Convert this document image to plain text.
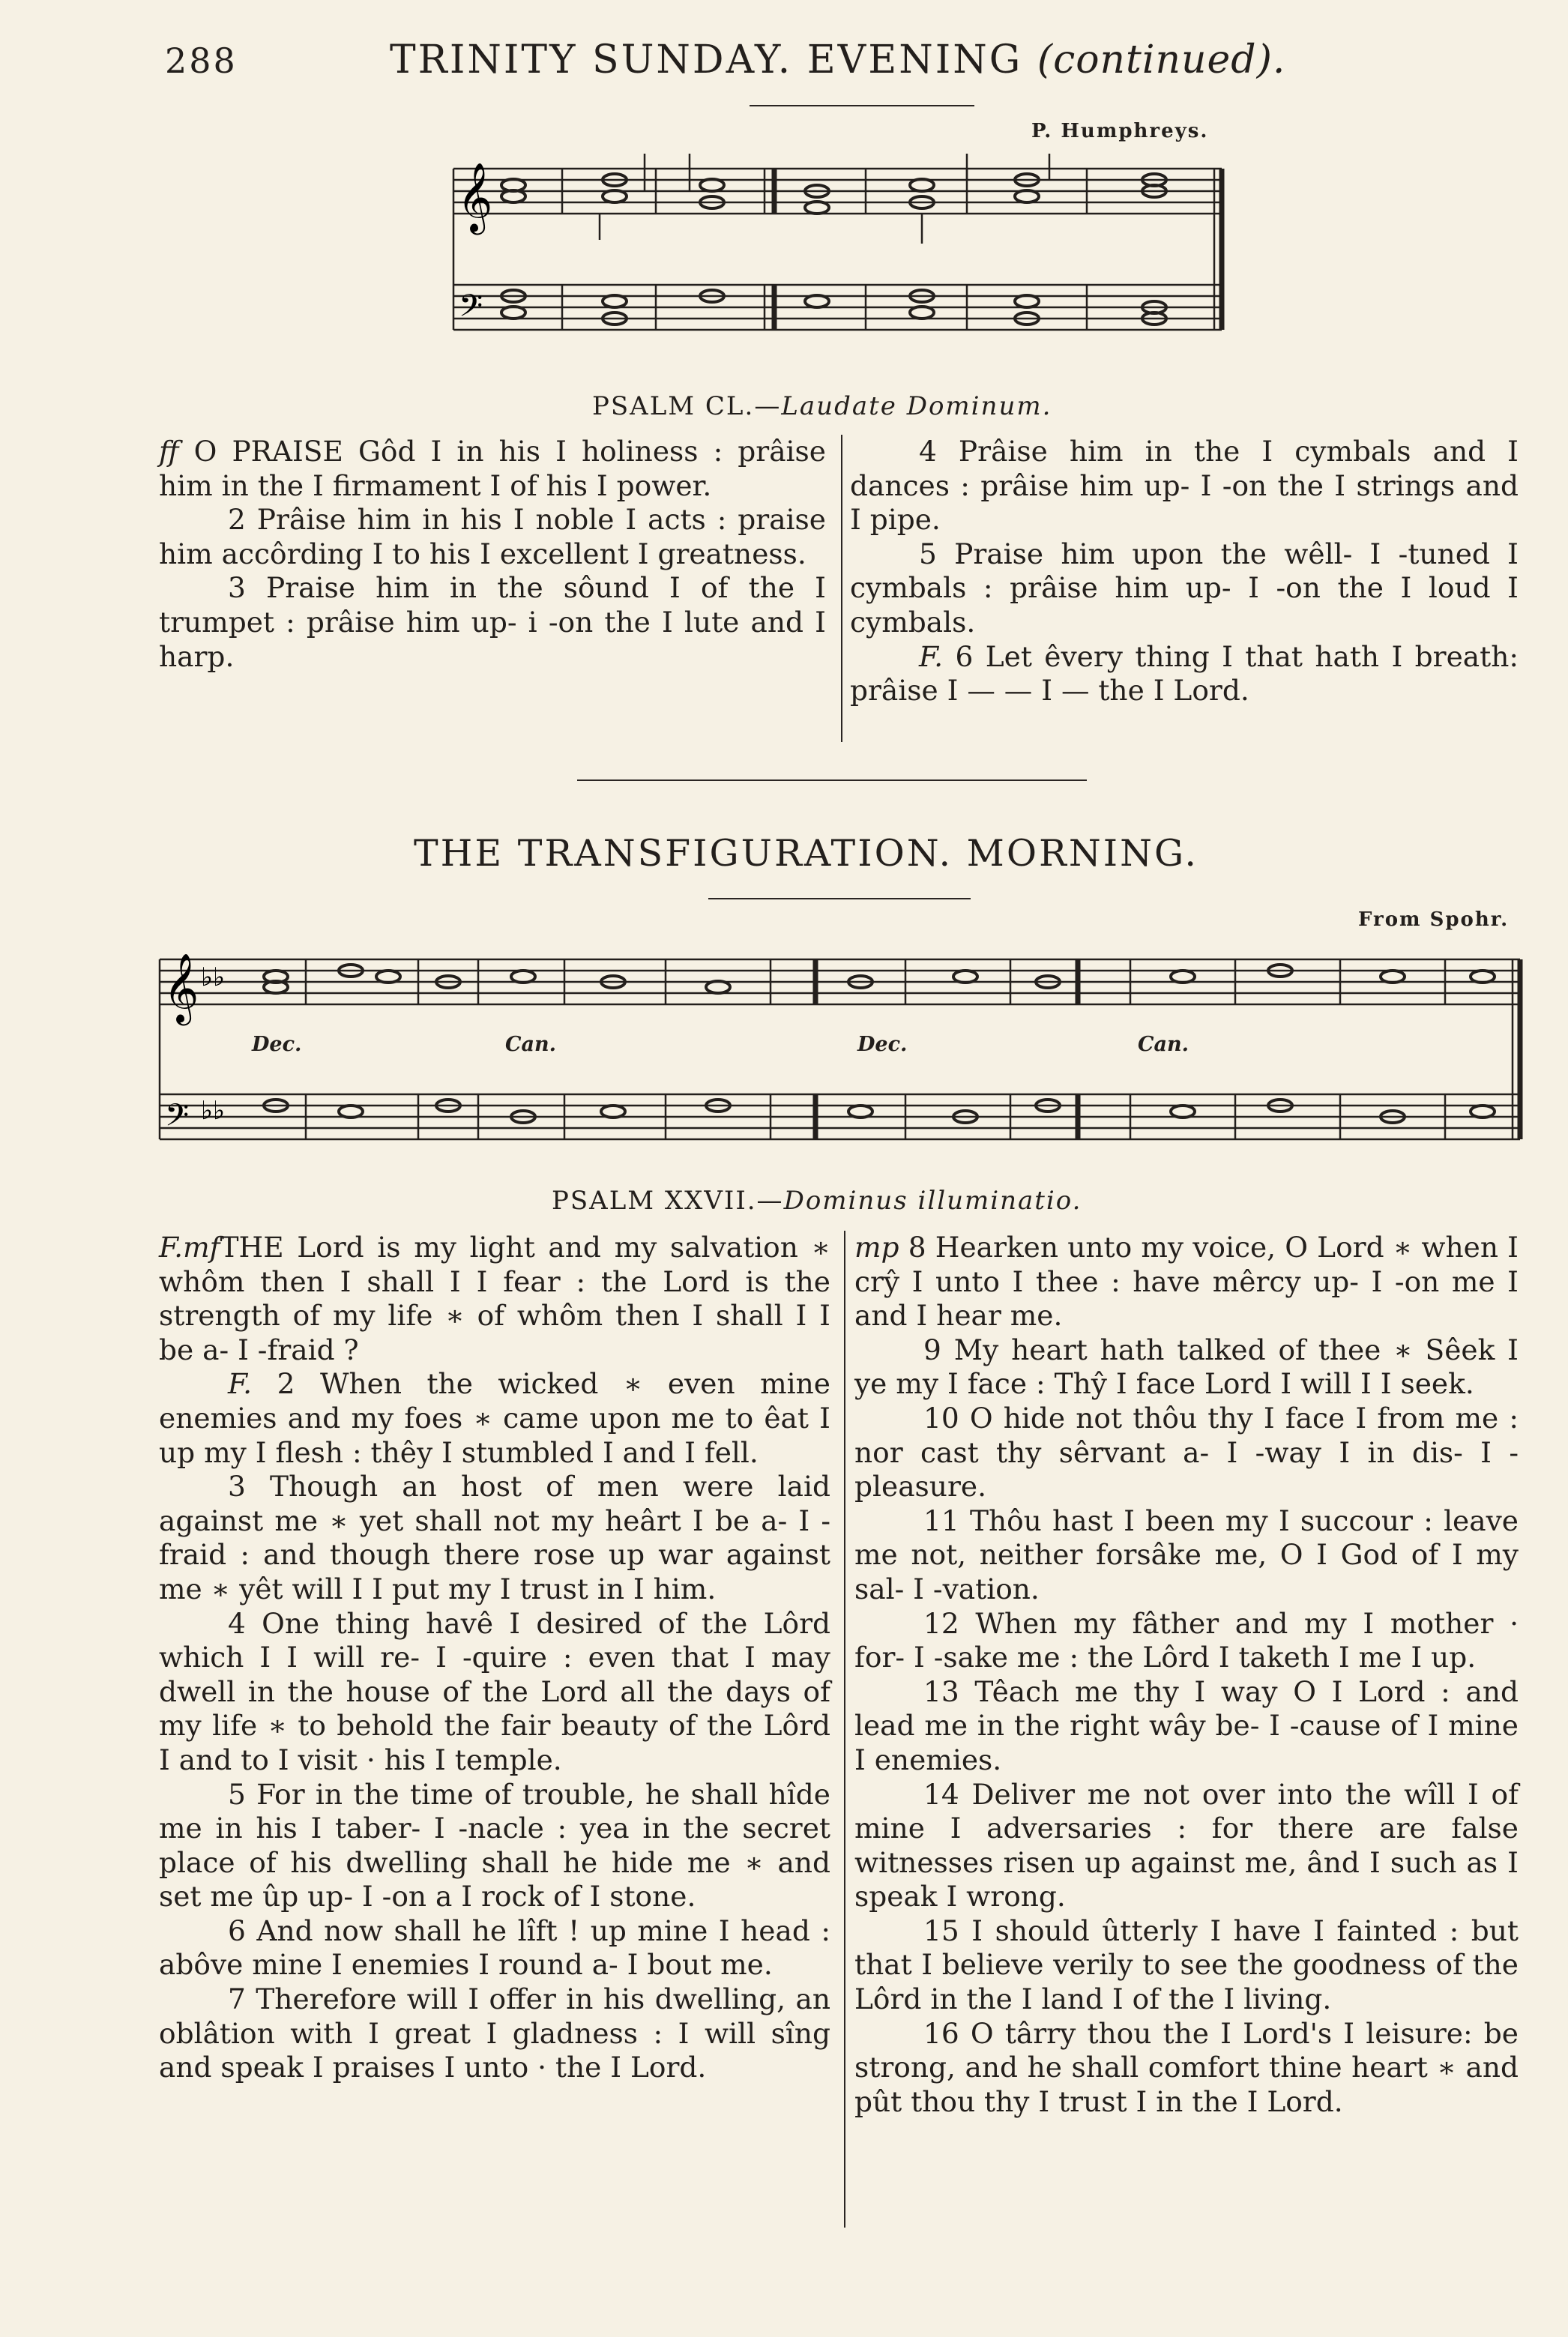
288	TRINITY SUNDAY. EVENING (continued).
P. Humphreys.
𝄞
𝄢
PSALM CL.—Laudate Dominum.

ff O PRAISE Gôd I in his I holiness : prâise him in the I firmament I of his I power.

2 Prâise him in his I noble I acts : praise him accôrding I to his I excellent I greatness.

3 Praise him in the sôund I of the I trumpet : prâise him up- i -on the I lute and I harp.

4 Prâise him in the I cymbals and I dances : prâise him up- I -on the I strings and I pipe.

5 Praise him upon the wêll- I -tuned I cymbals : prâise him up- I -on the I loud I cymbals.

F. 6 Let êvery thing I that hath I breath: prâise I — — I — the I Lord.

THE TRANSFIGURATION. MORNING.
From Spohr.
𝄞 ♭♭
𝄢 ♭♭
Dec.	Can.	Dec.	Can.
PSALM XXVII.—Dominus illuminatio.

F.mfTHE Lord is my light and my salvation ∗ whôm then I shall I I fear : the Lord is the strength of my life ∗ of whôm then I shall I I be a- I -fraid ?

F. 2 When the wicked ∗ even mine enemies and my foes ∗ came upon me to êat I up my I flesh : thêy I stumbled I and I fell.

3 Though an host of men were laid against me ∗ yet shall not my heârt I be a- I -fraid : and though there rose up war against me ∗ yêt will I I put my I trust in I him.

4 One thing havê I desired of the Lôrd which I I will re- I -quire : even that I may dwell in the house of the Lord all the days of my life ∗ to behold the fair beauty of the Lôrd I and to I visit · his I temple.

5 For in the time of trouble, he shall hîde me in his I taber- I -nacle : yea in the secret place of his dwelling shall he hide me ∗ and set me ûp up- I -on a I rock of I stone.

6 And now shall he lîft ! up mine I head : abôve mine I enemies I round a- I bout me.

7 Therefore will I offer in his dwelling, an oblâtion with I great I gladness : I will sîng and speak I praises I unto · the I Lord.

mp 8 Hearken unto my voice, O Lord ∗ when I crŷ I unto I thee : have mêrcy up- I -on me I and I hear me.

9 My heart hath talked of thee ∗ Sêek I ye my I face : Thŷ I face Lord I will I I seek.

10 O hide not thôu thy I face I from me : nor cast thy sêrvant a- I -way I in dis- I -pleasure.

11 Thôu hast I been my I succour : leave me not, neither forsâke me, O I God of I my sal- I -vation.

12 When my fâther and my I mother · for- I -sake me : the Lôrd I taketh I me I up.

13 Têach me thy I way O I Lord : and lead me in the right wây be- I -cause of I mine I enemies.

14 Deliver me not over into the wîll I of mine I adversaries : for there are false witnesses risen up against me, ând I such as I speak I wrong.

15 I should ûtterly I have I fainted : but that I believe verily to see the goodness of the Lôrd in the I land I of the I living.

16 O târry thou the I Lord's I leisure: be strong, and he shall comfort thine heart ∗ and pût thou thy I trust I in the I Lord.
